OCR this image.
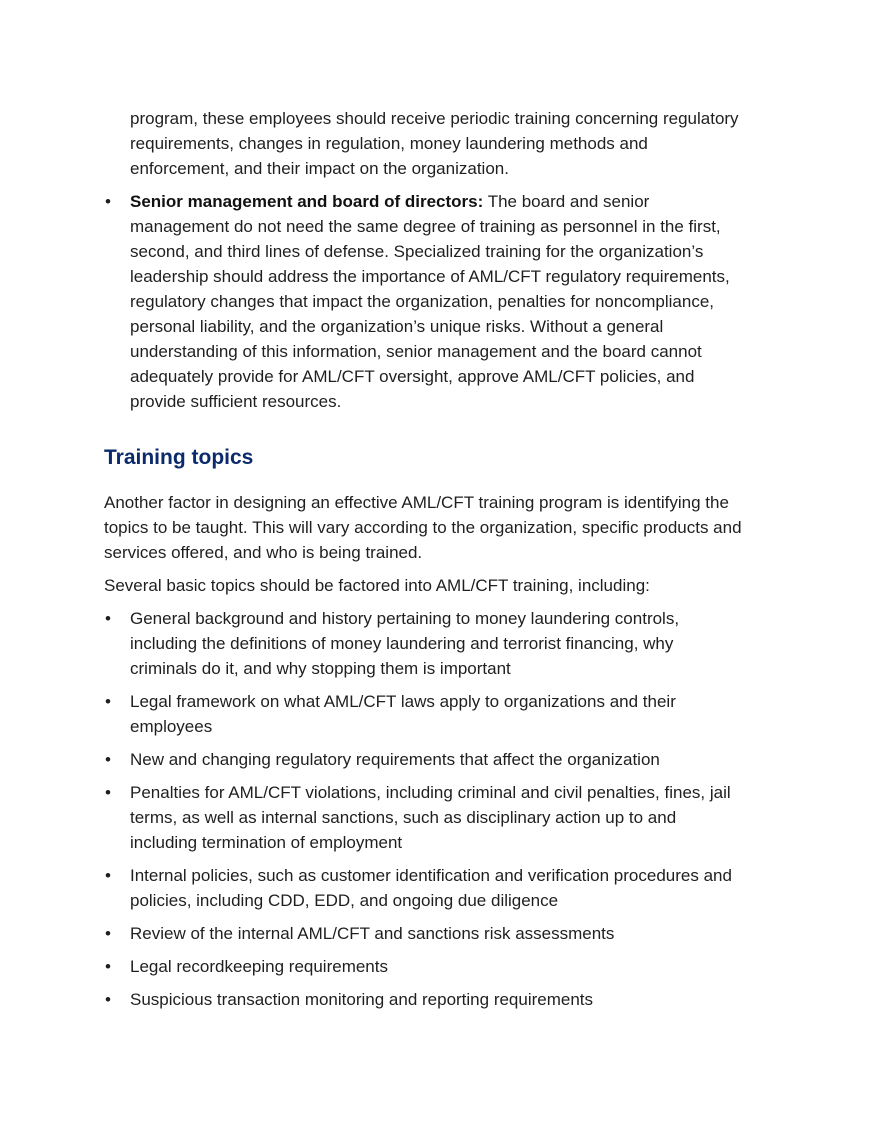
program, these employees should receive periodic training concerning regulatory requirements, changes in regulation, money laundering methods and enforcement, and their impact on the organization.

•	Senior management and board of directors: The board and senior management do not need the same degree of training as personnel in the first, second, and third lines of defense. Specialized training for the organization’s leadership should address the importance of AML/CFT regulatory requirements, regulatory changes that impact the organization, penalties for noncompliance, personal liability, and the organization’s unique risks. Without a general understanding of this information, senior management and the board cannot adequately provide for AML/CFT oversight, approve AML/CFT policies, and provide sufficient resources.
Training topics

Another factor in designing an effective AML/CFT training program is identifying the topics to be taught. This will vary according to the organization, specific products and services offered, and who is being trained.

Several basic topics should be factored into AML/CFT training, including:

•	General background and history pertaining to money laundering controls, including the definitions of money laundering and terrorist financing, why criminals do it, and why stopping them is important
•	Legal framework on what AML/CFT laws apply to organizations and their employees
•	New and changing regulatory requirements that affect the organization
•	Penalties for AML/CFT violations, including criminal and civil penalties, fines, jail terms, as well as internal sanctions, such as disciplinary action up to and including termination of employment
•	Internal policies, such as customer identification and verification procedures and policies, including CDD, EDD, and ongoing due diligence
•	Review of the internal AML/CFT and sanctions risk assessments
•	Legal recordkeeping requirements
•	Suspicious transaction monitoring and reporting requirements
